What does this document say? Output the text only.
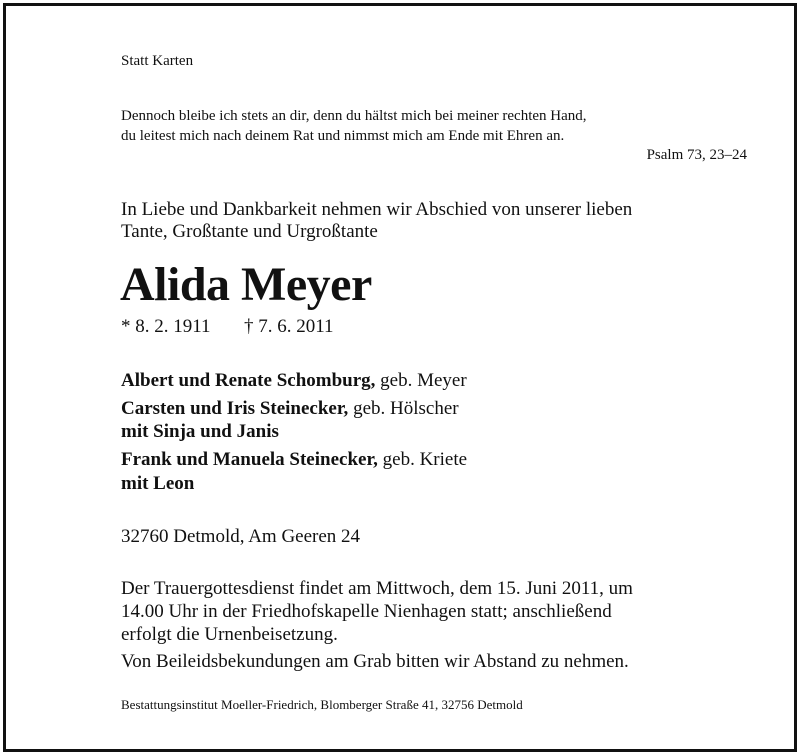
Statt Karten

Dennoch bleibe ich stets an dir, denn du hältst mich bei meiner rechten Hand,

du leitest mich nach deinem Rat und nimmst mich am Ende mit Ehren an.

Psalm 73, 23–24

In Liebe und Dankbarkeit nehmen wir Abschied von unserer lieben

Tante, Großtante und Urgroßtante

Alida Meyer

* 8. 2. 1911 † 7. 6. 2011

Albert und Renate Schomburg, geb. Meyer

Carsten und Iris Steinecker, geb. Hölscher

mit Sinja und Janis

Frank und Manuela Steinecker, geb. Kriete

mit Leon

32760 Detmold, Am Geeren 24

Der Trauergottesdienst findet am Mittwoch, dem 15. Juni 2011, um

14.00 Uhr in der Friedhofskapelle Nienhagen statt; anschließend

erfolgt die Urnenbeisetzung.

Von Beileidsbekundungen am Grab bitten wir Abstand zu nehmen.

Bestattungsinstitut Moeller-Friedrich, Blomberger Straße 41, 32756 Detmold
